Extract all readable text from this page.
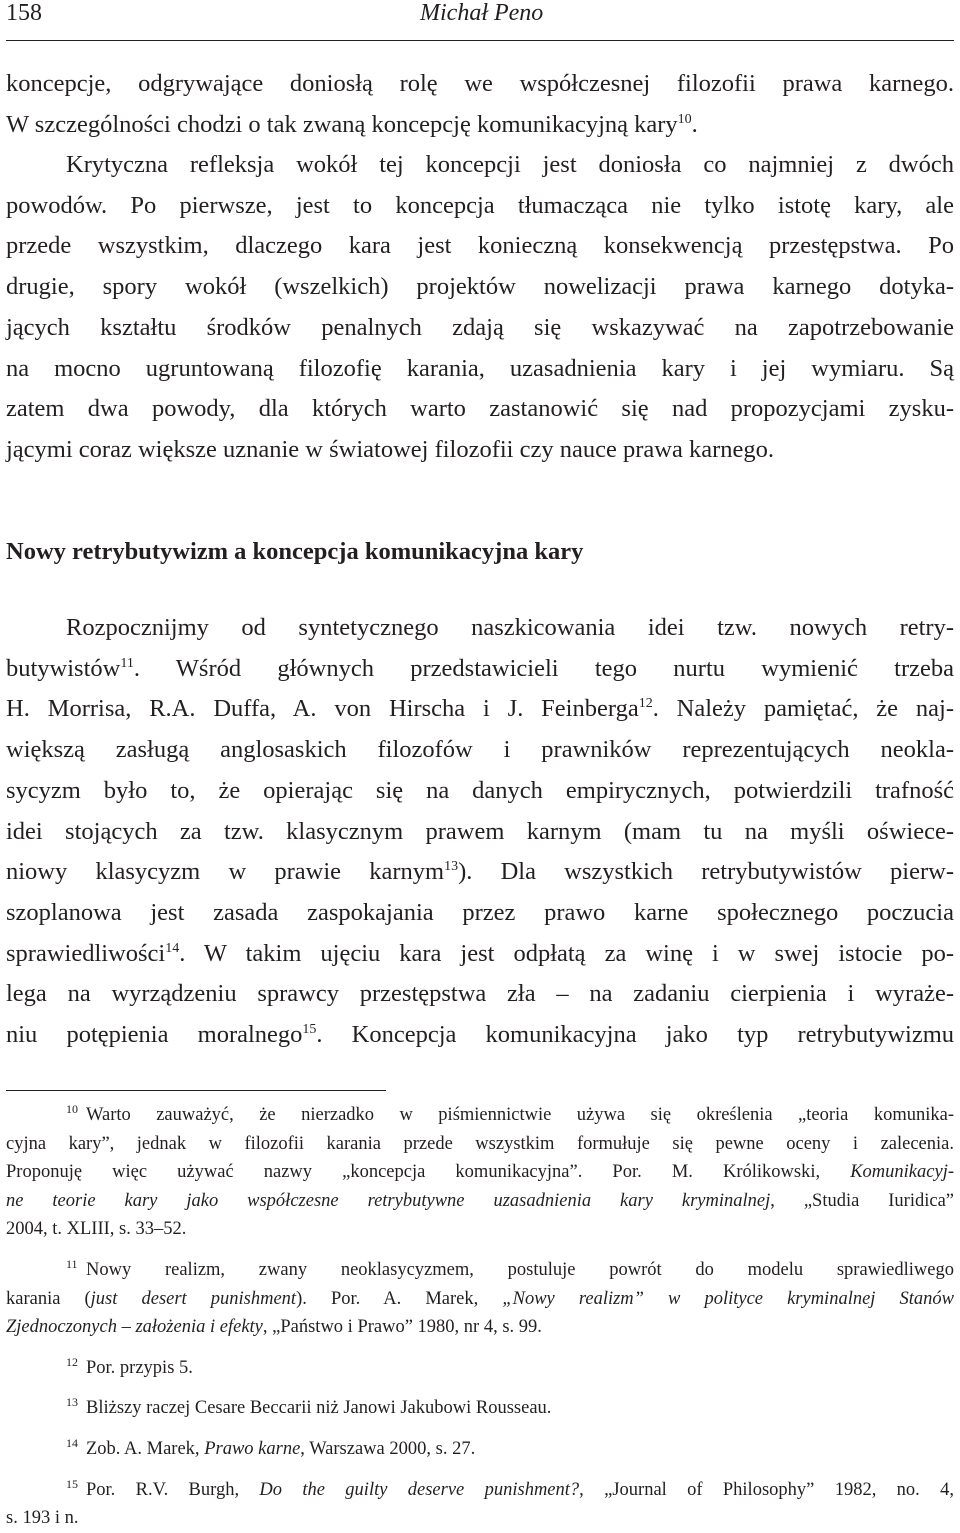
158	Michał Peno
koncepcje, odgrywające doniosłą rolę we współczesnej filozofii prawa karnego.
W szczególności chodzi o tak zwaną koncepcję komunikacyjną kary$^{10}$.
Krytyczna refleksja wokół tej koncepcji jest doniosła co najmniej z dwóch
powodów. Po pierwsze, jest to koncepcja tłumacząca nie tylko istotę kary, ale
przede wszystkim, dlaczego kara jest konieczną konsekwencją przestępstwa. Po
drugie, spory wokół (wszelkich) projektów nowelizacji prawa karnego dotyka-
jących kształtu środków penalnych zdają się wskazywać na zapotrzebowanie
na mocno ugruntowaną filozofię karania, uzasadnienia kary i jej wymiaru. Są
zatem dwa powody, dla których warto zastanowić się nad propozycjami zysku-
jącymi coraz większe uznanie w światowej filozofii czy nauce prawa karnego.
Nowy retrybutywizm a koncepcja komunikacyjna kary
Rozpocznijmy od syntetycznego naszkicowania idei tzw. nowych retry-
butywistów$^{11}$. Wśród głównych przedstawicieli tego nurtu wymienić trzeba
H. Morrisa, R.A. Duffa, A. von Hirscha i J. Feinberga$^{12}$. Należy pamiętać, że naj-
większą zasługą anglosaskich filozofów i prawników reprezentujących neokla-
sycyzm było to, że opierając się na danych empirycznych, potwierdzili trafność
idei stojących za tzw. klasycznym prawem karnym (mam tu na myśli oświece-
niowy klasycyzm w prawie karnym$^{13}$). Dla wszystkich retrybutywistów pierw-
szoplanowa jest zasada zaspokajania przez prawo karne społecznego poczucia
sprawiedliwości$^{14}$. W takim ujęciu kara jest odpłatą za winę i w swej istocie po-
lega na wyrządzeniu sprawcy przestępstwa zła – na zadaniu cierpienia i wyraże-
niu potępienia moralnego$^{15}$. Koncepcja komunikacyjna jako typ retrybutywizmu
10 Warto zauważyć, że nierzadko w piśmiennictwie używa się określenia „teoria komunika-
cyjna kary”, jednak w filozofii karania przede wszystkim formułuje się pewne oceny i zalecenia.
Proponuję więc używać nazwy „koncepcja komunikacyjna”. Por. M. Królikowski, Komunikacyj-
ne teorie kary jako współczesne retrybutywne uzasadnienia kary kryminalnej, „Studia Iuridica”
2004, t. XLIII, s. 33–52.
11 Nowy realizm, zwany neoklasycyzmem, postuluje powrót do modelu sprawiedliwego
karania (just desert punishment). Por. A. Marek, „Nowy realizm” w polityce kryminalnej Stanów
Zjednoczonych – założenia i efekty, „Państwo i Prawo” 1980, nr 4, s. 99.
12 Por. przypis 5.
13 Bliższy raczej Cesare Beccarii niż Janowi Jakubowi Rousseau.
14 Zob. A. Marek, Prawo karne, Warszawa 2000, s. 27.
15 Por. R.V. Burgh, Do the guilty deserve punishment?, „Journal of Philosophy” 1982, no. 4,
s. 193 i n.
